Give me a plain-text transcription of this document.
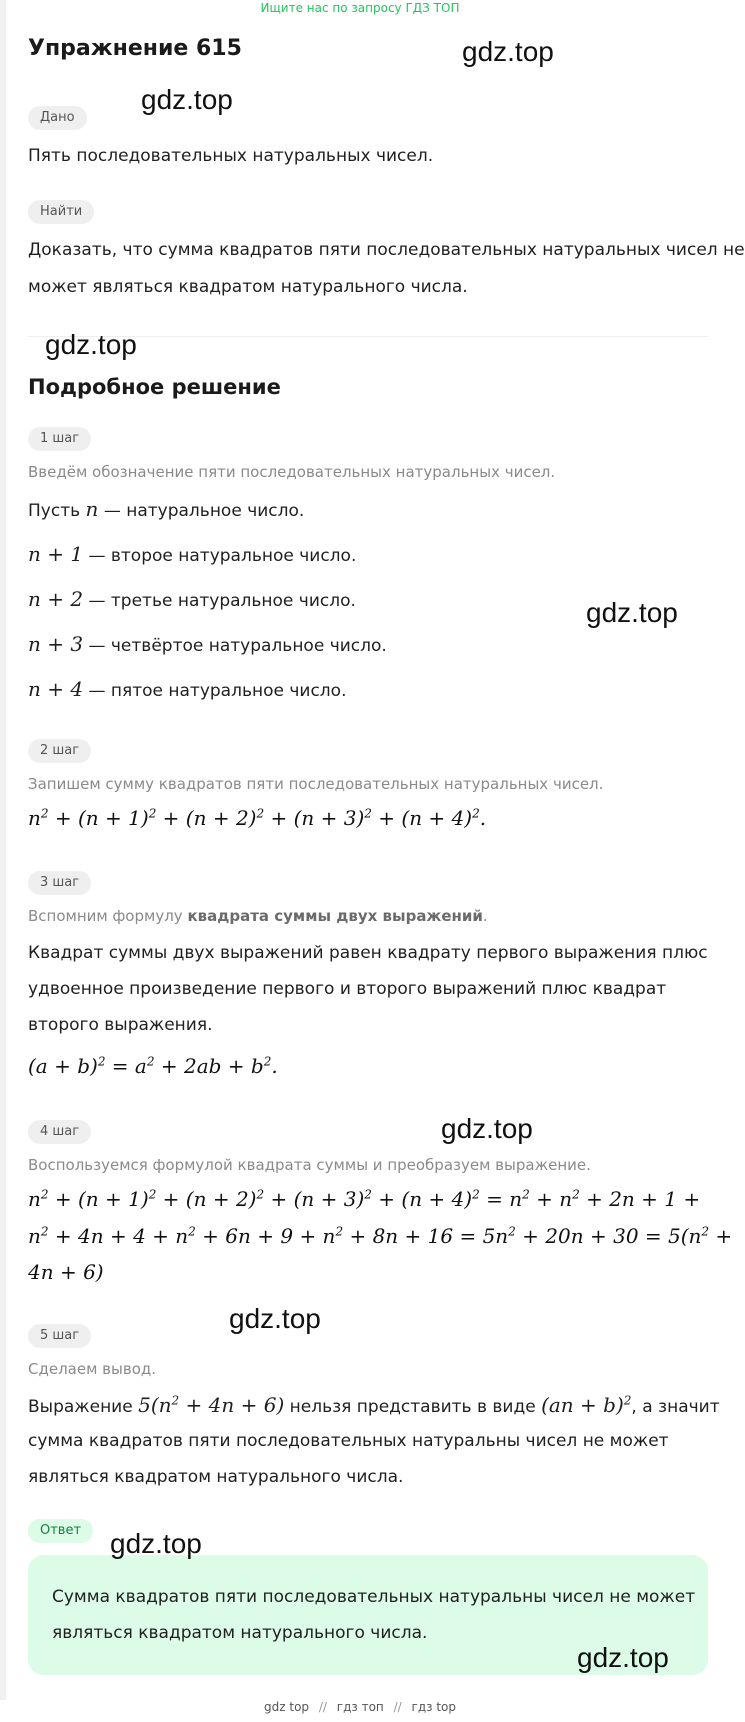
Ищите нас по запросу ГДЗ ТОП
Упражнение 615
Дано
Пять последовательных натуральных чисел.
Найти
Доказать, что сумма квадратов пяти последовательных натуральных чисел не
может являться квадратом натурального числа.
Подробное решение
1 шаг
Введём обозначение пяти последовательных натуральных чисел.
Пусть n — натуральное число.
n + 1 — второе натуральное число.
n + 2 — третье натуральное число.
n + 3 — четвёртое натуральное число.
n + 4 — пятое натуральное число.
2 шаг
Запишем сумму квадратов пяти последовательных натуральных чисел.
$n^2 + (n + 1)^2 + (n + 2)^2 + (n + 3)^2 + (n + 4)^2$.
3 шаг
Вспомним формулу квадрата суммы двух выражений.
Квадрат суммы двух выражений равен квадрату первого выражения плюс
удвоенное произведение первого и второго выражений плюс квадрат
второго выражения.
$(a + b)^2 = a^2 + 2ab + b^2$.
4 шаг
Воспользуемся формулой квадрата суммы и преобразуем выражение.
$n^2 + (n + 1)^2 + (n + 2)^2 + (n + 3)^2 + (n + 4)^2 = n^2 + n^2 + 2n + 1$ +
$n^2 + 4n + 4 + n^2 + 6n + 9 + n^2 + 8n + 16 = 5n^2 + 20n + 30 = 5(n^2$ +
4n + 6)
5 шаг
Сделаем вывод.
Выражение $5(n^2 + 4n + 6)$ нельзя представить в виде (an + b)$^2$, а значит
сумма квадратов пяти последовательных натуральны чисел не может
являться квадратом натурального числа.
Ответ
Сумма квадратов пяти последовательных натуральны чисел не может
являться квадратом натурального числа.
gdz.top
gdz.top
gdz.top
gdz.top
gdz.top
gdz.top
gdz.top
gdz.top
gdz top // гдз топ // гдз top
